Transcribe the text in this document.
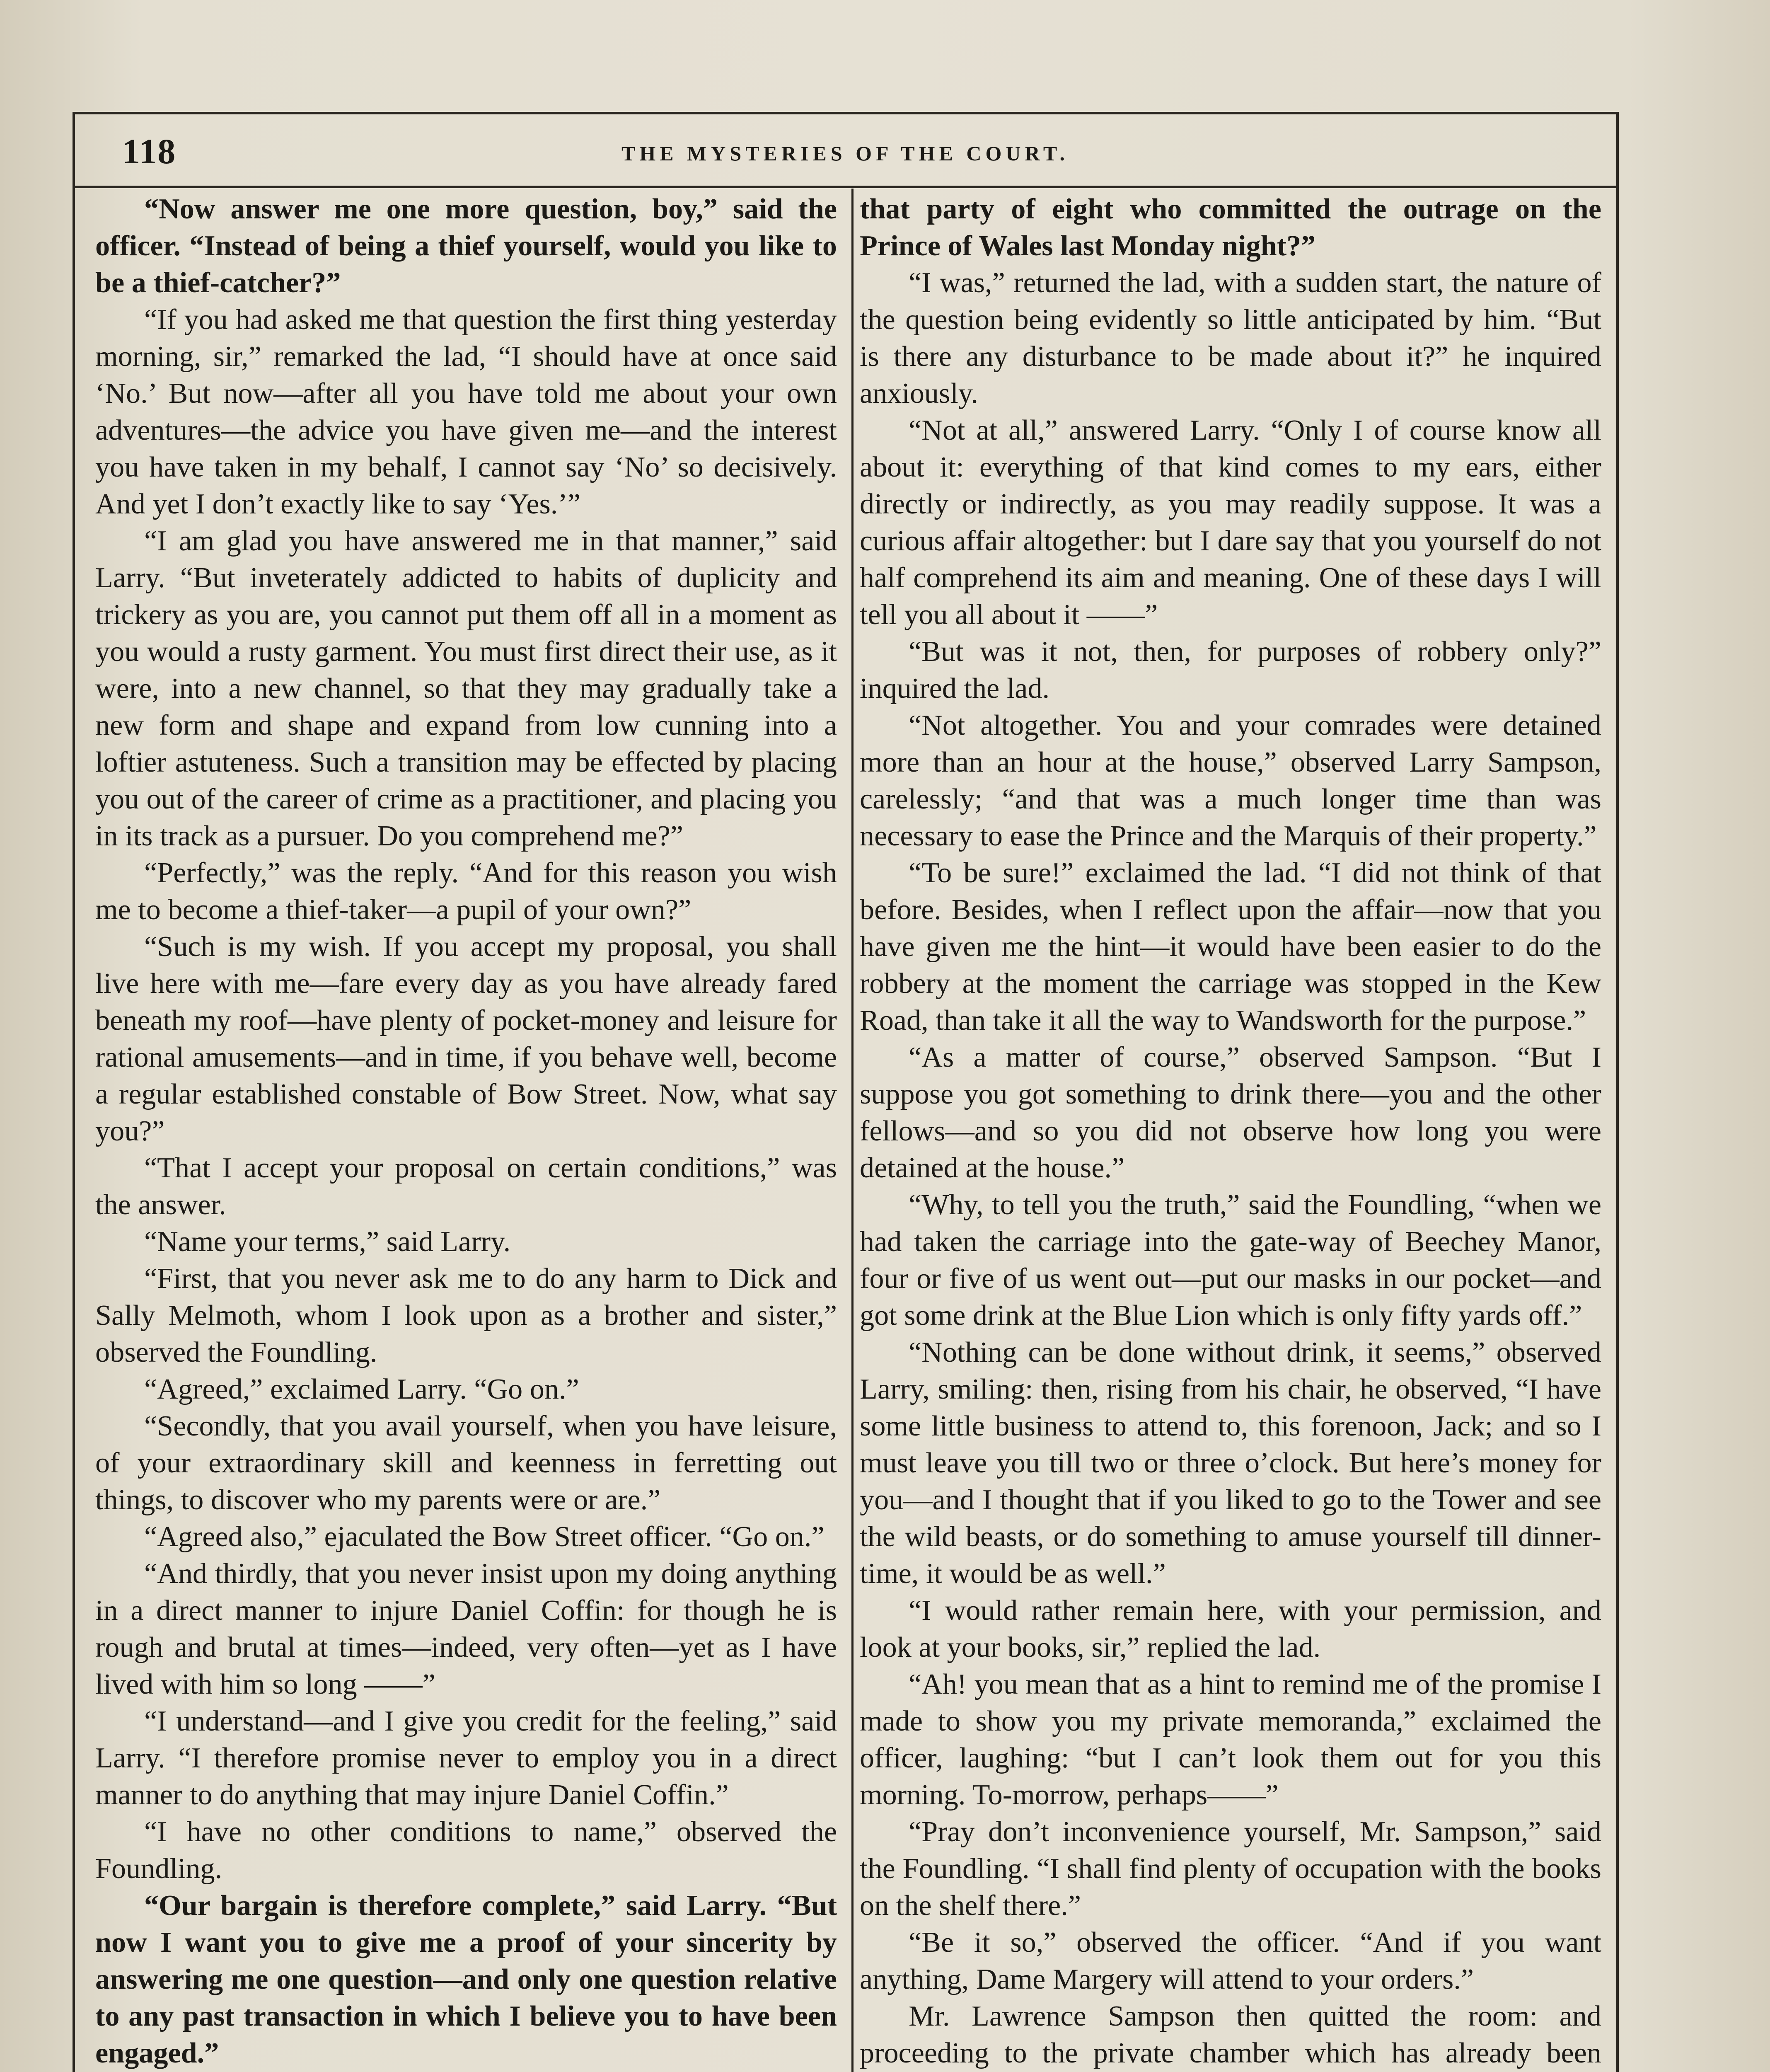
118	THE MYSTERIES OF THE COURT.

“Now answer me one more question, boy,” said the officer. “Instead of being a thief yourself, would you like to be a thief-catcher?”

“If you had asked me that question the first thing yesterday morning, sir,” remarked the lad, “I should have at once said ‘No.’ But now—after all you have told me about your own adventures—the advice you have given me—and the interest you have taken in my behalf, I cannot say ‘No’ so decisively. And yet I don’t exactly like to say ‘Yes.’”

“I am glad you have answered me in that manner,” said Larry. “But inveterately addicted to habits of duplicity and trickery as you are, you cannot put them off all in a moment as you would a rusty garment. You must first direct their use, as it were, into a new channel, so that they may gradually take a new form and shape and expand from low cunning into a loftier astuteness. Such a transition may be effected by placing you out of the career of crime as a practitioner, and placing you in its track as a pursuer. Do you comprehend me?”

“Perfectly,” was the reply. “And for this reason you wish me to become a thief-taker—a pupil of your own?”

“Such is my wish. If you accept my proposal, you shall live here with me—fare every day as you have already fared beneath my roof—have plenty of pocket-money and leisure for rational amusements—and in time, if you behave well, become a regular established constable of Bow Street. Now, what say you?”

“That I accept your proposal on certain conditions,” was the answer.

“Name your terms,” said Larry.

“First, that you never ask me to do any harm to Dick and Sally Melmoth, whom I look upon as a brother and sister,” observed the Foundling.

“Agreed,” exclaimed Larry. “Go on.”

“Secondly, that you avail yourself, when you have leisure, of your extraordinary skill and keenness in ferretting out things, to discover who my parents were or are.”

“Agreed also,” ejaculated the Bow Street officer. “Go on.”

“And thirdly, that you never insist upon my doing anything in a direct manner to injure Daniel Coffin: for though he is rough and brutal at times—indeed, very often—yet as I have lived with him so long ——”

“I understand—and I give you credit for the feeling,” said Larry. “I therefore promise never to employ you in a direct manner to do anything that may injure Daniel Coffin.”

“I have no other conditions to name,” observed the Foundling.

“Our bargain is therefore complete,” said Larry. “But now I want you to give me a proof of your sincerity by answering me one question—and only one question relative to any past transaction in which I believe you to have been engaged.”

that party of eight who committed the outrage on the Prince of Wales last Monday night?”

“I was,” returned the lad, with a sudden start, the nature of the question being evidently so little anticipated by him. “But is there any disturbance to be made about it?” he inquired anxiously.

“Not at all,” answered Larry. “Only I of course know all about it: everything of that kind comes to my ears, either directly or indirectly, as you may readily suppose. It was a curious affair altogether: but I dare say that you yourself do not half comprehend its aim and meaning. One of these days I will tell you all about it ——”

“But was it not, then, for purposes of robbery only?” inquired the lad.

“Not altogether. You and your comrades were detained more than an hour at the house,” observed Larry Sampson, carelessly; “and that was a much longer time than was necessary to ease the Prince and the Marquis of their property.”

“To be sure!” exclaimed the lad. “I did not think of that before. Besides, when I reflect upon the affair—now that you have given me the hint—it would have been easier to do the robbery at the moment the carriage was stopped in the Kew Road, than take it all the way to Wandsworth for the purpose.”

“As a matter of course,” observed Sampson. “But I suppose you got something to drink there—you and the other fellows—and so you did not observe how long you were detained at the house.”

“Why, to tell you the truth,” said the Foundling, “when we had taken the carriage into the gate-way of Beechey Manor, four or five of us went out—put our masks in our pocket—and got some drink at the Blue Lion which is only fifty yards off.”

“Nothing can be done without drink, it seems,” observed Larry, smiling: then, rising from his chair, he observed, “I have some little business to attend to, this forenoon, Jack; and so I must leave you till two or three o’clock. But here’s money for you—and I thought that if you liked to go to the Tower and see the wild beasts, or do something to amuse yourself till dinner-time, it would be as well.”

“I would rather remain here, with your permission, and look at your books, sir,” replied the lad.

“Ah! you mean that as a hint to remind me of the promise I made to show you my private memoranda,” exclaimed the officer, laughing: “but I can’t look them out for you this morning. To-morrow, perhaps——”

“Pray don’t inconvenience yourself, Mr. Sampson,” said the Foundling. “I shall find plenty of occupation with the books on the shelf there.”

“Be it so,” observed the officer. “And if you want anything, Dame Margery will attend to your orders.”

Mr. Lawrence Sampson then quitted the room: and proceeding to the private chamber which has already been
